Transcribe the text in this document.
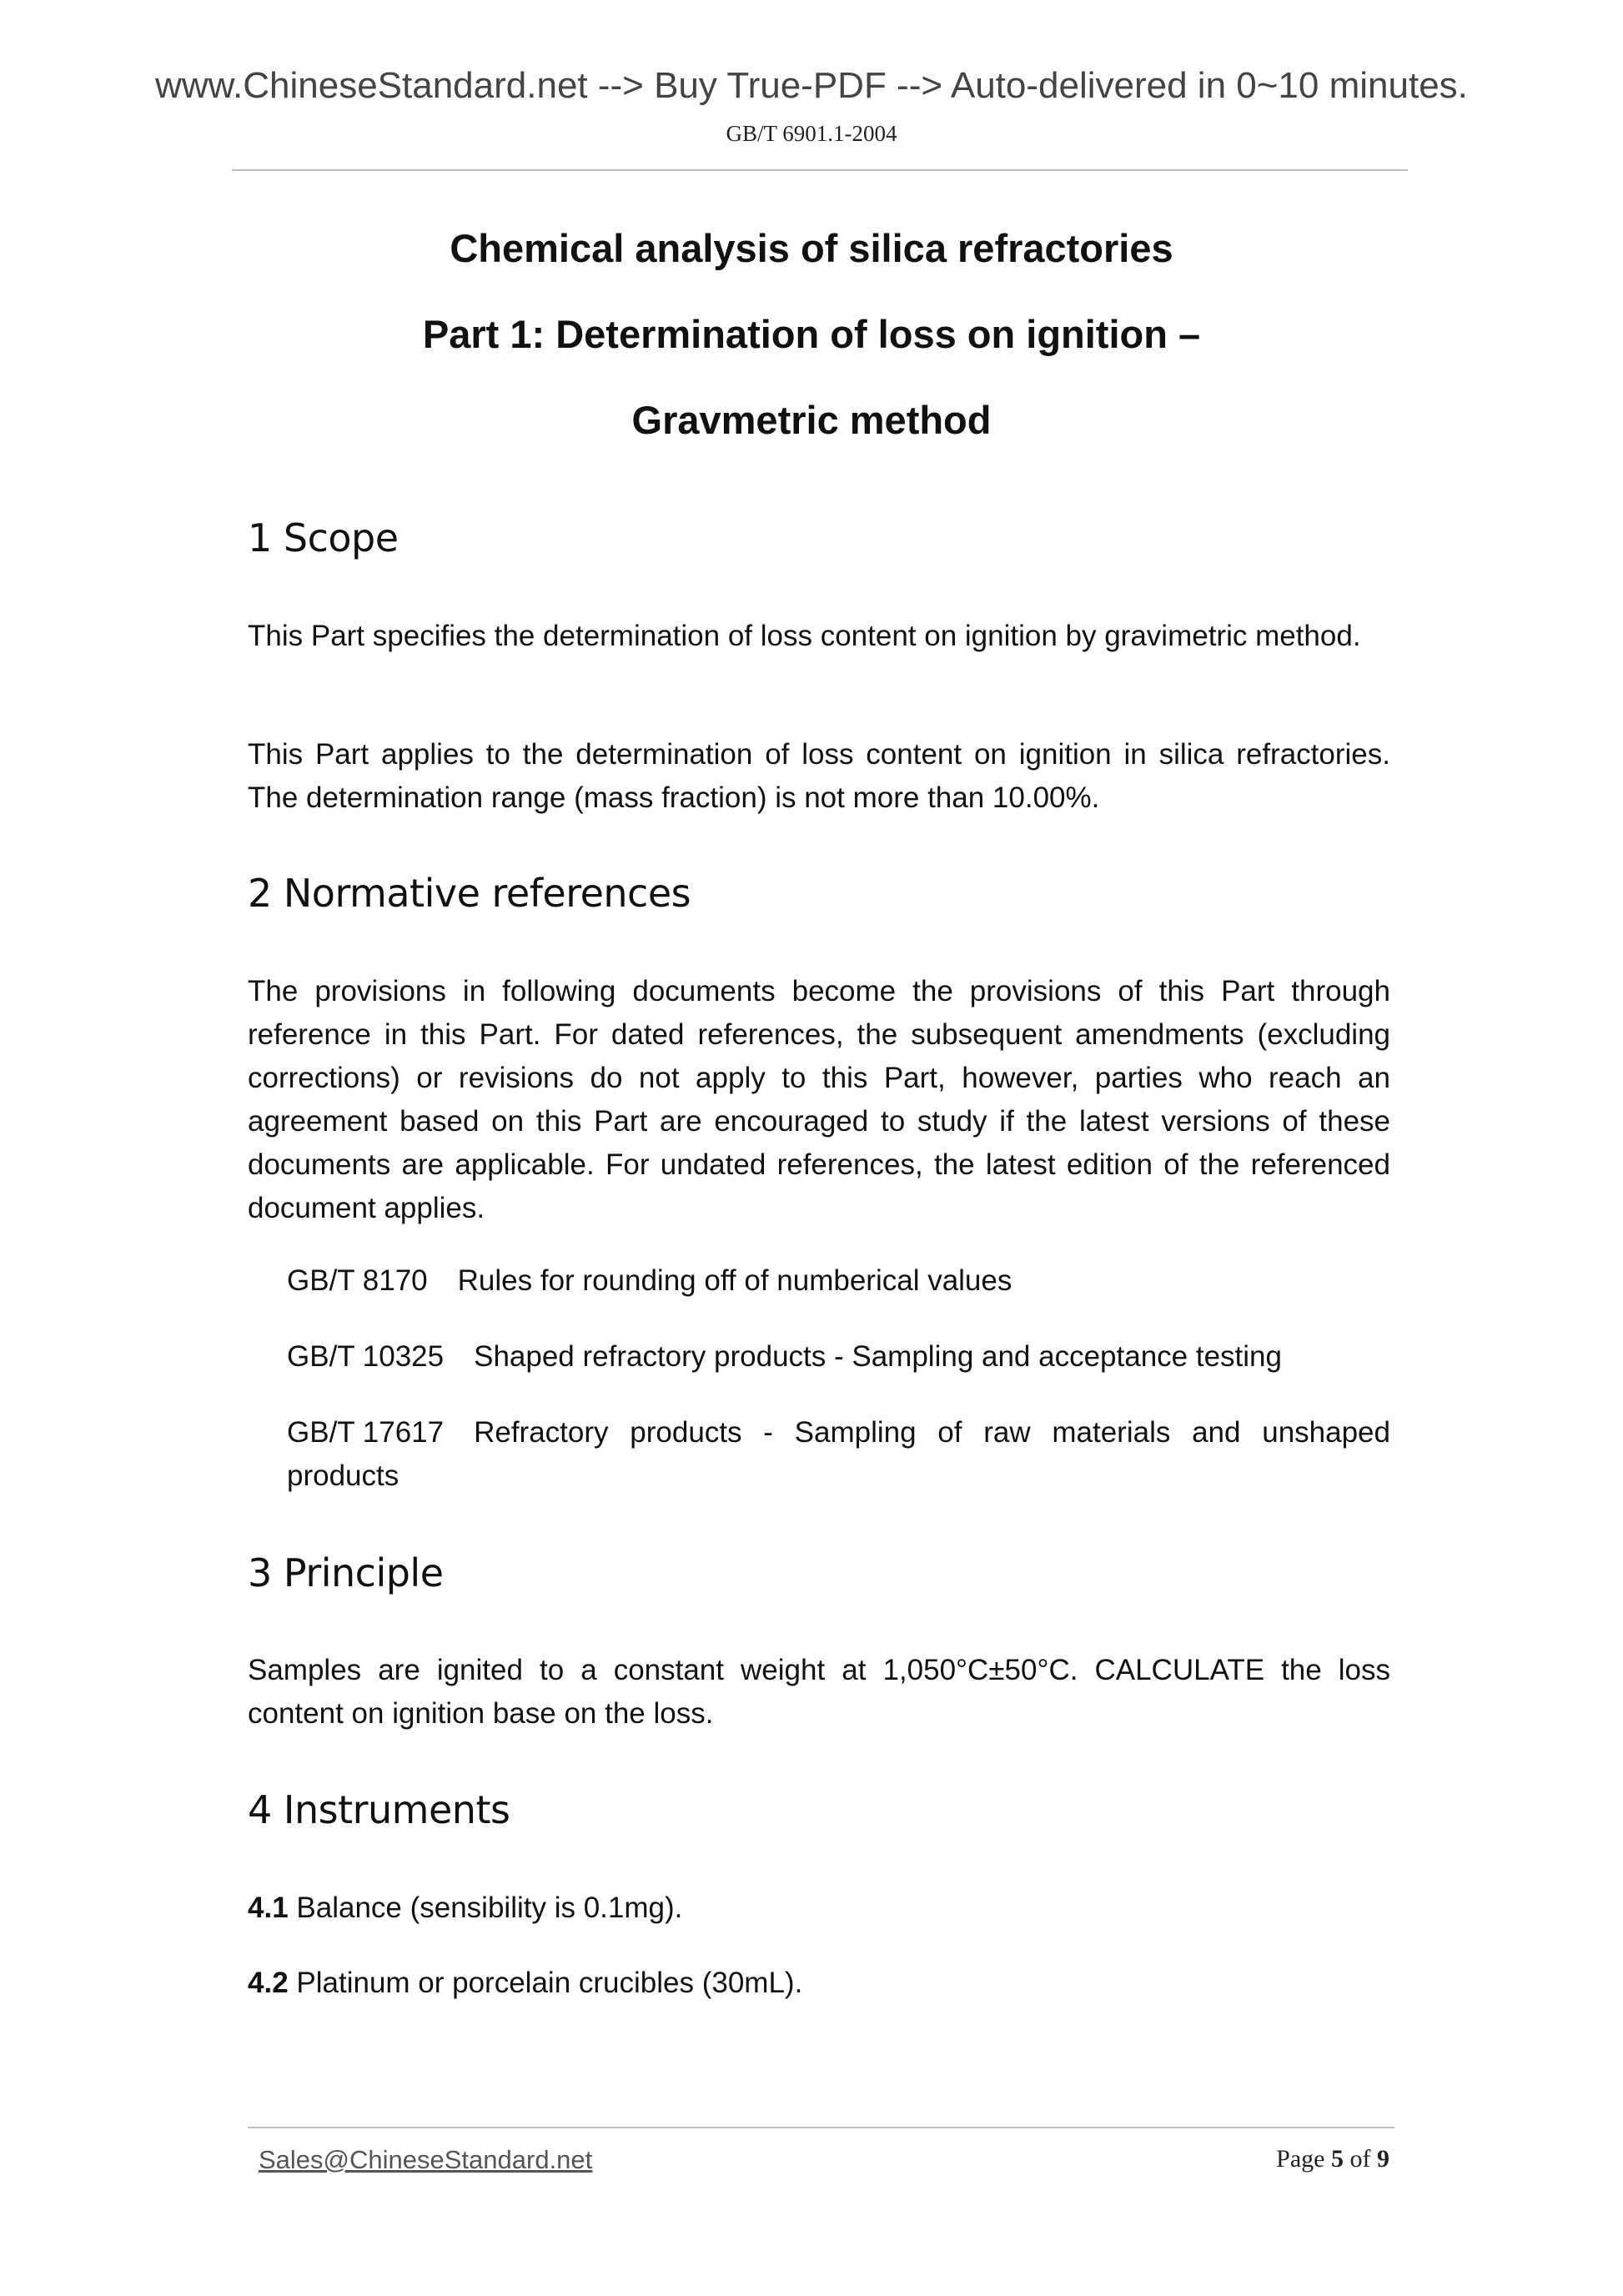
www.ChineseStandard.net --> Buy True-PDF --> Auto-delivered in 0~10 minutes.
GB/T 6901.1-2004
Chemical analysis of silica refractories
Part 1: Determination of loss on ignition –
Gravmetric method
1 Scope
This Part specifies the determination of loss content on ignition by gravimetric method.
This Part applies to the determination of loss content on ignition in silica refractories. The determination range (mass fraction) is not more than 10.00%.
2 Normative references
The provisions in following documents become the provisions of this Part through reference in this Part. For dated references, the subsequent amendments (excluding corrections) or revisions do not apply to this Part, however, parties who reach an agreement based on this Part are encouraged to study if the latest versions of these documents are applicable. For undated references, the latest edition of the referenced document applies.
GB/T 8170 Rules for rounding off of numberical values
GB/T 10325 Shaped refractory products - Sampling and acceptance testing
GB/T 17617 Refractory products - Sampling of raw materials and unshaped products
3 Principle
Samples are ignited to a constant weight at 1,050°C±50°C. CALCULATE the loss content on ignition base on the loss.
4 Instruments
4.1 Balance (sensibility is 0.1mg).
4.2 Platinum or porcelain crucibles (30mL).
Sales@ChineseStandard.net	Page 5 of 9
